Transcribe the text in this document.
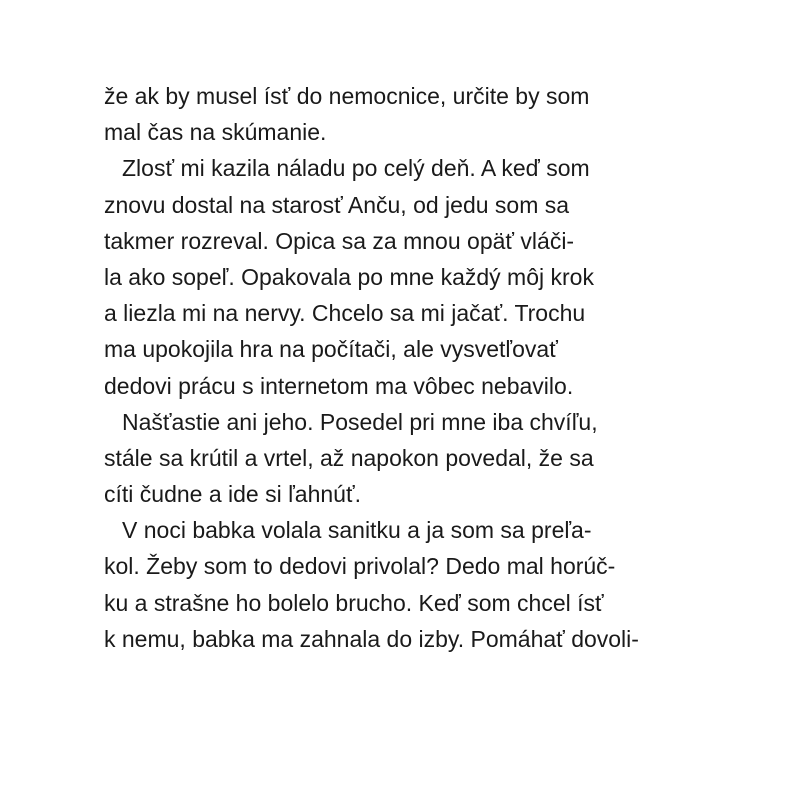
že ak by musel ísť do nemocnice, určite by som
mal čas na skúmanie.
Zlosť mi kazila náladu po celý deň. A keď som
znovu dostal na starosť Anču, od jedu som sa
takmer rozreval. Opica sa za mnou opäť vláči-
la ako sopeľ. Opakovala po mne každý môj krok
a liezla mi na nervy. Chcelo sa mi jačať. Trochu
ma upokojila hra na počítači, ale vysvetľovať
dedovi prácu s internetom ma vôbec nebavilo.
Našťastie ani jeho. Posedel pri mne iba chvíľu,
stále sa krútil a vrtel, až napokon povedal, že sa
cíti čudne a ide si ľahnúť.
V noci babka volala sanitku a ja som sa preľa-
kol. Žeby som to dedovi privolal? Dedo mal horúč-
ku a strašne ho bolelo brucho. Keď som chcel ísť
k nemu, babka ma zahnala do izby. Pomáhať dovoli-
